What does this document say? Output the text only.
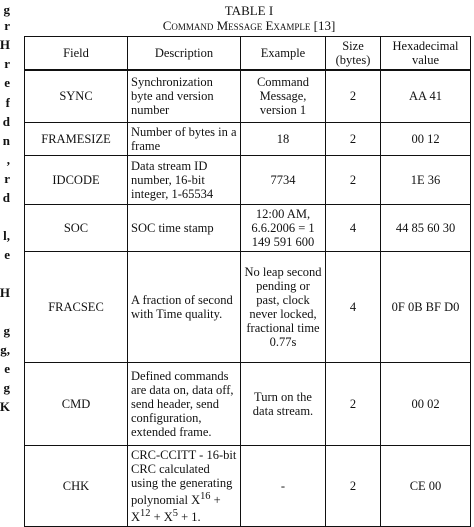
g
r
H
r
e
f
d
n
,
r
d
l,
e
H
g
g,
e
g
K
TABLE I
Command Message Example [13]
Field	Description	Example	Size (bytes)	Hexadecimal value
SYNC	Synchronization byte and version number	Command Message, version 1	2	AA 41
FRAMESIZE	Number of bytes in a frame	18	2	00 12
IDCODE	Data stream ID number, 16-bit integer, 1-65534	7734	2	1E 36
SOC	SOC time stamp	12:00 AM, 6.6.2006 = 1 149 591 600	4	44 85 60 30
FRACSEC	A fraction of second with Time quality.	No leap second pending or past, clock never locked, fractional time 0.77s	4	0F 0B BF D0
CMD	Defined commands are data on, data off, send header, send configuration, extended frame.	Turn on the data stream.	2	00 02
CHK	CRC-CCITT - 16-bit CRC calculated using the generating polynomial $X^{16} + X^{12} + X^5 + 1$.	-	2	CE 00
